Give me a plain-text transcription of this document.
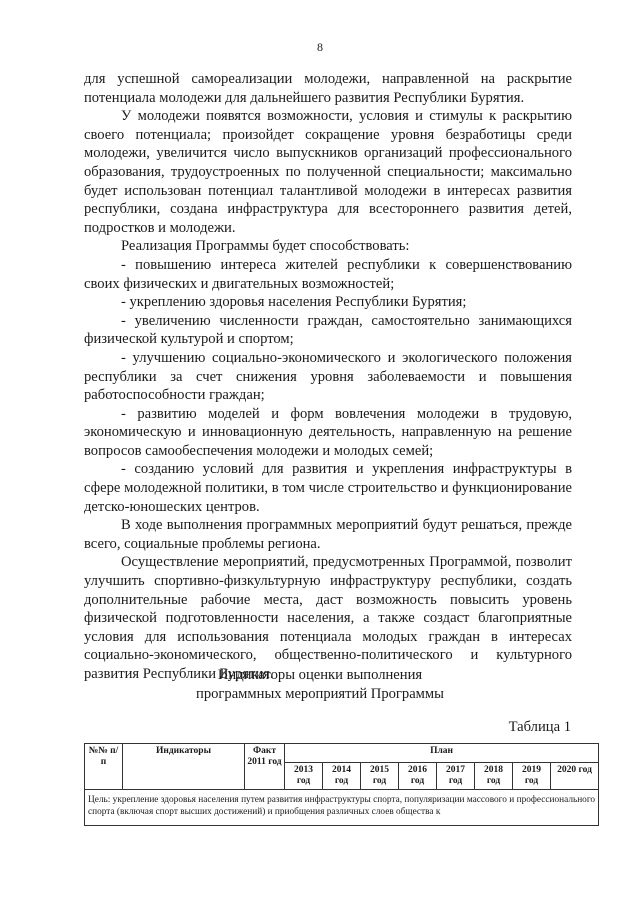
8

для успешной самореализации молодежи, направленной на раскрытие потенциала молодежи для дальнейшего развития Республики Бурятия.

У молодежи появятся возможности, условия и стимулы к раскрытию своего потенциала; произойдет сокращение уровня безработицы среди молодежи, увеличится число выпускников организаций профессионального образования, трудоустроенных по полученной специальности; максимально будет использован потенциал талантливой молодежи в интересах развития республики, создана инфраструктура для всестороннего развития детей, подростков и молодежи.

Реализация Программы будет способствовать:

- повышению интереса жителей республики к совершенствованию своих физических и двигательных возможностей;

- укреплению здоровья населения Республики Бурятия;

- увеличению численности граждан, самостоятельно занимающихся физической культурой и спортом;

- улучшению социально-экономического и экологического положения республики за счет снижения уровня заболеваемости и повышения работоспособности граждан;

- развитию моделей и форм вовлечения молодежи в трудовую, экономическую и инновационную деятельность, направленную на решение вопросов самообеспечения молодежи и молодых семей;

- созданию условий для развития и укрепления инфраструктуры в сфере молодежной политики, в том числе строительство и функционирование детско-юношеских центров.

В ходе выполнения программных мероприятий будут решаться, прежде всего, социальные проблемы региона.

Осуществление мероприятий, предусмотренных Программой, позволит улучшить спортивно-физкультурную инфраструктуру республики, создать дополнительные рабочие места, даст возможность повысить уровень физической подготовленности населения, а также создаст благоприятные условия для использования потенциала молодых граждан в интересах социально-экономического, общественно-политического и культурного развития Республики Бурятия.

Индикаторы оценки выполнения
программных мероприятий Программы
Таблица 1
№№ п/п	Индикаторы	Факт 2011 год	План							
			2013 год	2014 год	2015 год	2016 год	2017 год	2018 год	2019 год	2020 год
Цель: укрепление здоровья населения путем развития инфраструктуры спорта, популяризации массового и профессионального спорта (включая спорт высших достижений) и приобщения различных слоев общества к										
